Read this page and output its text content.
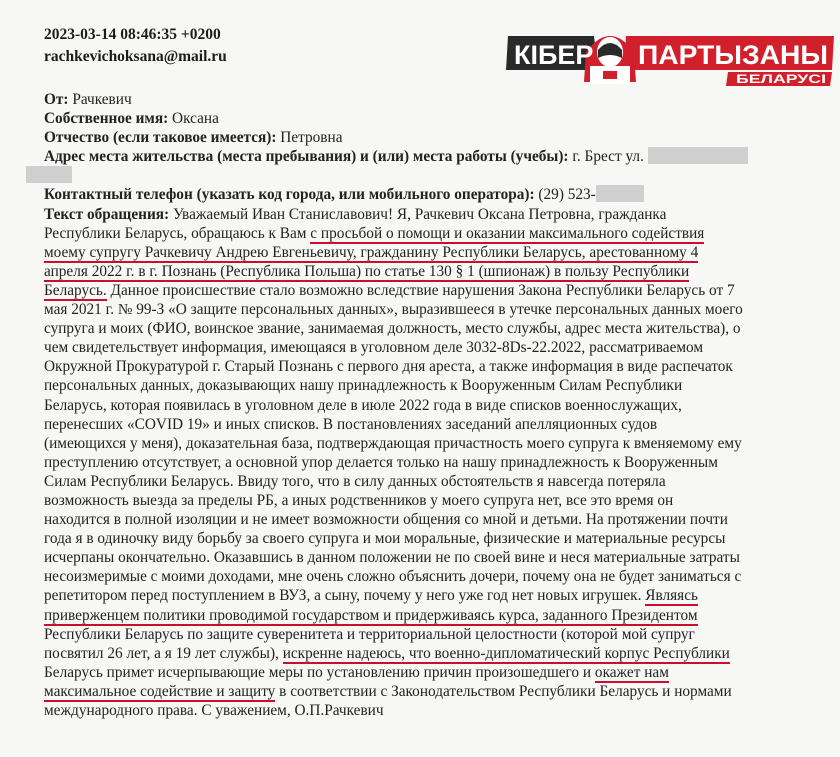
2023-03-14 08:46:35 +0200
rachkevichoksana@mail.ru	КІБЕР ПАРТЫЗАНЫ
БЕЛАРУСІ
От: Рачкевич
Собственное имя: Оксана
Отчество (если таковое имеется): Петровна
Адрес места жительства (места пребывания) и (или) места работы (учебы): г. Брест ул.
Контактный телефон (указать код города, или мобильного оператора): (29) 523-
Текст обращения: Уважаемый Иван Станиславович! Я, Рачкевич Оксана Петровна, гражданка
Республики Беларусь, обращаюсь к Вам с просьбой о помощи и оказании максимального содействия
моему супругу Рачкевичу Андрею Евгеньевичу, гражданину Республики Беларусь, арестованному 4
апреля 2022 г. в г. Познань (Республика Польша) по статье 130 § 1 (шпионаж) в пользу Республики
Беларусь. Данное происшествие стало возможно вследствие нарушения Закона Республики Беларусь от 7
мая 2021 г. № 99-З «О защите персональных данных», выразившееся в утечке персональных данных моего
супруга и моих (ФИО, воинское звание, занимаемая должность, место службы, адрес места жительства), о
чем свидетельствует информация, имеющаяся в уголовном деле 3032-8Ds-22.2022, рассматриваемом
Окружной Прокуратурой г. Старый Познань с первого дня ареста, а также информация в виде распечаток
персональных данных, доказывающих нашу принадлежность к Вооруженным Силам Республики
Беларусь, которая появилась в уголовном деле в июле 2022 года в виде списков военнослужащих,
перенесших «COVID 19» и иных списков. В постановлениях заседаний апелляционных судов
(имеющихся у меня), доказательная база, подтверждающая причастность моего супруга к вменяемому ему
преступлению отсутствует, а основной упор делается только на нашу принадлежность к Вооруженным
Силам Республики Беларусь. Ввиду того, что в силу данных обстоятельств я навсегда потеряла
возможность выезда за пределы РБ, а иных родственников у моего супруга нет, все это время он
находится в полной изоляции и не имеет возможности общения со мной и детьми. На протяжении почти
года я в одиночку виду борьбу за своего супруга и мои моральные, физические и материальные ресурсы
исчерпаны окончательно. Оказавшись в данном положении не по своей вине и неся материальные затраты
несоизмеримые с моими доходами, мне очень сложно объяснить дочери, почему она не будет заниматься с
репетитором перед поступлением в ВУЗ, а сыну, почему у него уже год нет новых игрушек. Являясь
приверженцем политики проводимой государством и придерживаясь курса, заданного Президентом
Республики Беларусь по защите суверенитета и территориальной целостности (которой мой супруг
посвятил 26 лет, а я 19 лет службы), искренне надеюсь, что военно-дипломатический корпус Республики
Беларусь примет исчерпывающие меры по установлению причин произошедшего и окажет нам
максимальное содействие и защиту в соответствии с Законодательством Республики Беларусь и нормами
международного права. С уважением, О.П.Рачкевич
